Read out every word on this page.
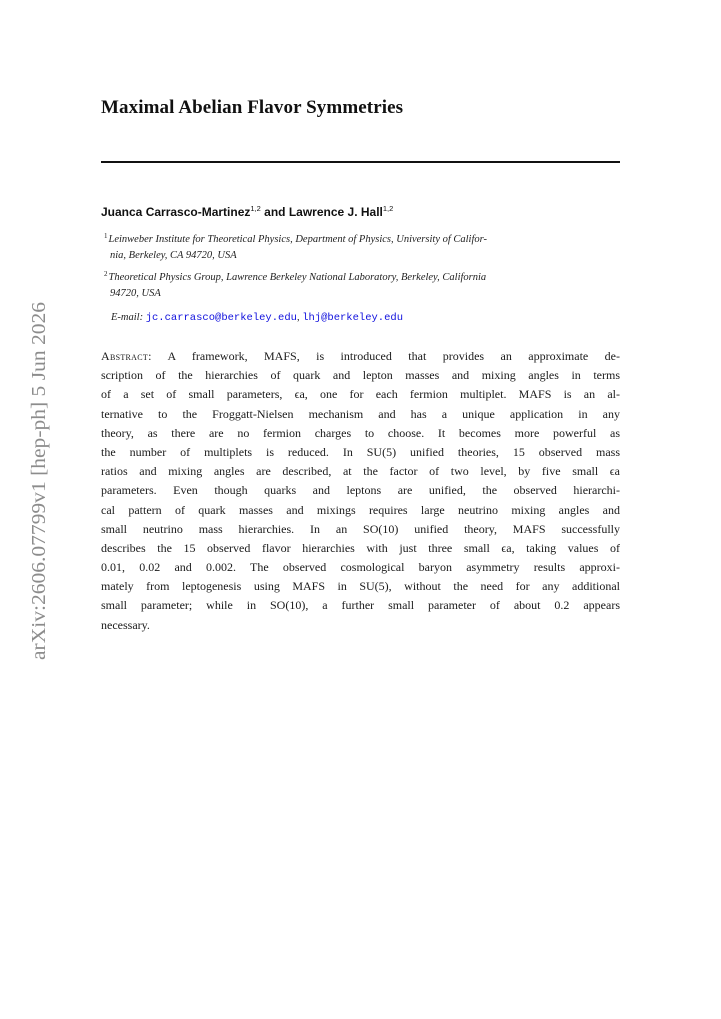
arXiv:2606.07799v1 [hep-ph] 5 Jun 2026
Maximal Abelian Flavor Symmetries
Juanca Carrasco-Martinez$^{1,2}$ and Lawrence J. Hall$^{1,2}$
$^1$Leinweber Institute for Theoretical Physics, Department of Physics, University of Califor-
nia, Berkeley, CA 94720, USA
$^2$Theoretical Physics Group, Lawrence Berkeley National Laboratory, Berkeley, California
94720, USA
E-mail: jc.carrasco@berkeley.edu, lhj@berkeley.edu
Abstract: A framework, MAFS, is introduced that provides an approximate de-
scription of the hierarchies of quark and lepton masses and mixing angles in terms
of a set of small parameters, ϵa, one for each fermion multiplet. MAFS is an al-
ternative to the Froggatt-Nielsen mechanism and has a unique application in any
theory, as there are no fermion charges to choose. It becomes more powerful as
the number of multiplets is reduced. In SU(5) unified theories, 15 observed mass
ratios and mixing angles are described, at the factor of two level, by five small ϵa
parameters. Even though quarks and leptons are unified, the observed hierarchi-
cal pattern of quark masses and mixings requires large neutrino mixing angles and
small neutrino mass hierarchies. In an SO(10) unified theory, MAFS successfully
describes the 15 observed flavor hierarchies with just three small ϵa, taking values of
0.01, 0.02 and 0.002. The observed cosmological baryon asymmetry results approxi-
mately from leptogenesis using MAFS in SU(5), without the need for any additional
small parameter; while in SO(10), a further small parameter of about 0.2 appears
necessary.
